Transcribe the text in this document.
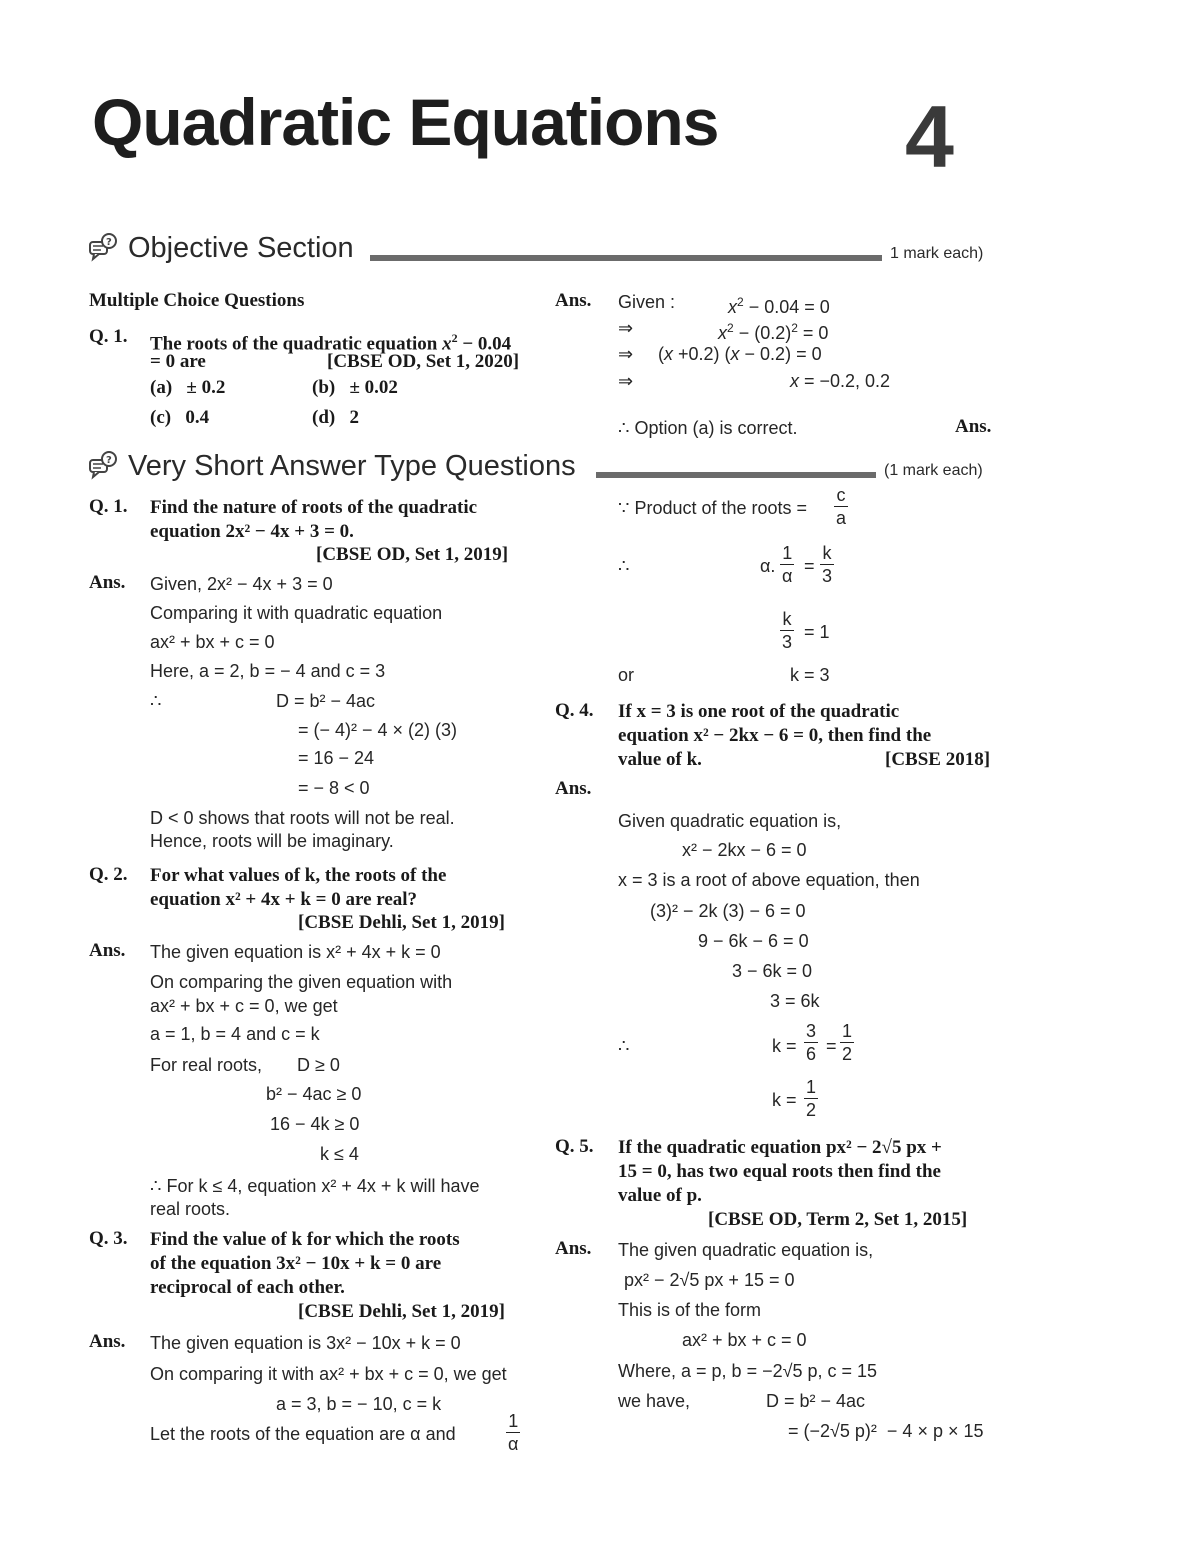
Quadratic Equations 4
? Objective Section	1 mark each)
Multiple Choice Questions
Q. 1. The roots of the quadratic equation $x^2 - 0.04$
= 0 are	[CBSE OD, Set 1, 2020]
(a)   ± 0.2	(b)   ± 0.02
(c)   0.4	(d)   2
Ans. Given :	$x^2 - 0.04 = 0$
⇒	$x^2 - (0.2)^2 = 0$
⇒ (x +0.2) (x − 0.2) = 0
⇒	x = −0.2, 0.2
∴ Option (a) is correct.	Ans.
? Very Short Answer Type Questions	(1 mark each)
Q. 1. Find the nature of roots of the quadratic
equation 2x² − 4x + 3 = 0.
[CBSE OD, Set 1, 2019]
Ans. Given, 2x² − 4x + 3 = 0
Comparing it with quadratic equation
ax² + bx + c = 0
Here, a = 2, b = − 4 and c = 3
∴	D = b² − 4ac
= (− 4)² − 4 × (2) (3)
= 16 − 24
= − 8 < 0
D < 0 shows that roots will not be real.
Hence, roots will be imaginary.
Q. 2. For what values of k, the roots of the
equation x² + 4x + k = 0 are real?
[CBSE Dehli, Set 1, 2019]
Ans. The given equation is x² + 4x + k = 0
On comparing the given equation with
ax² + bx + c = 0, we get
a = 1, b = 4 and c = k
For real roots,       D ≥ 0
b² − 4ac ≥ 0
16 − 4k ≥ 0
k ≤ 4
∴ For k ≤ 4, equation x² + 4x + k will have
real roots.
Q. 3. Find the value of k for which the roots
of the equation 3x² − 10x + k = 0 are
reciprocal of each other.
[CBSE Dehli, Set 1, 2019]
Ans. The given equation is 3x² − 10x + k = 0
On comparing it with ax² + bx + c = 0, we get
a = 3, b = − 10, c = k
Let the roots of the equation are α and	$\frac{1}{\alpha}$
∵ Product of the roots = $\frac{c}{a}$
∴	α. $\frac{1}{\alpha} = \frac{k}{3}$
$\frac{k}{3} = 1$
or	k = 3
Q. 4. If x = 3 is one root of the quadratic
equation x² − 2kx − 6 = 0, then find the
value of k.	[CBSE 2018]
Ans.
Given quadratic equation is,
x² − 2kx − 6 = 0
x = 3 is a root of above equation, then
(3)² − 2k (3) − 6 = 0
9 − 6k − 6 = 0
3 − 6k = 0
3 = 6k
∴	$k = \frac{3}{6} = \frac{1}{2}$
$k = \frac{1}{2}$
Q. 5. If the quadratic equation px² − 2√5 px +
15 = 0, has two equal roots then find the
value of p.
[CBSE OD, Term 2, Set 1, 2015]
Ans. The given quadratic equation is,
px² − 2√5 px + 15 = 0
This is of the form
ax² + bx + c = 0
Where, a = p, b = −2√5 p, c = 15
we have,	D = b² − 4ac
= (−2√5 p)²  − 4 × p × 15
